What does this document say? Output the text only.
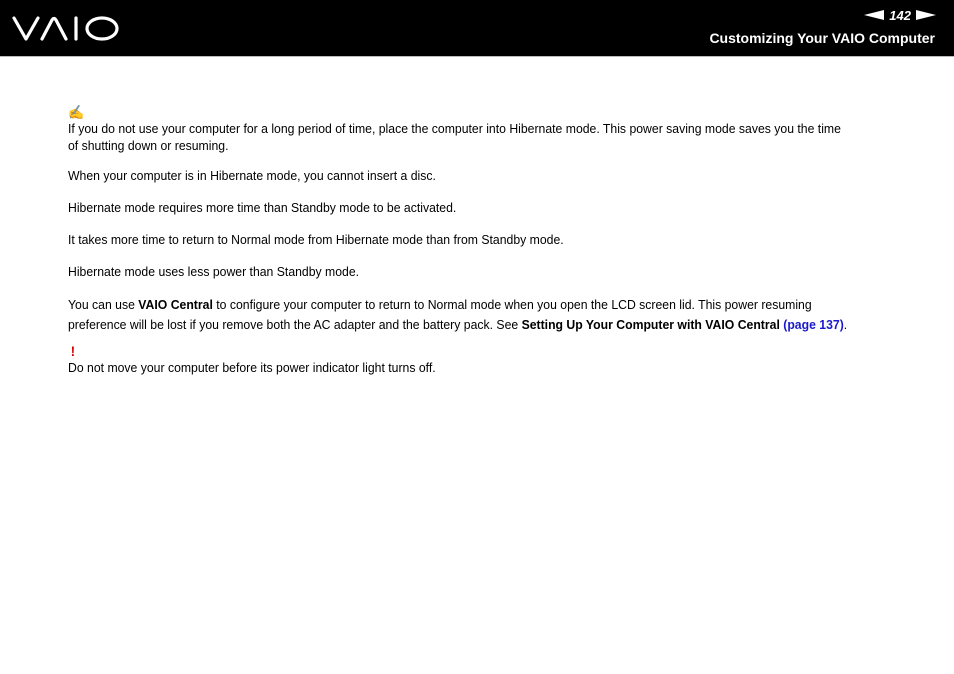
142
Customizing Your VAIO Computer
✍

If you do not use your computer for a long period of time, place the computer into Hibernate mode. This power saving mode saves you the time of shutting down or resuming.

When your computer is in Hibernate mode, you cannot insert a disc.

Hibernate mode requires more time than Standby mode to be activated.

It takes more time to return to Normal mode from Hibernate mode than from Standby mode.

Hibernate mode uses less power than Standby mode.

You can use VAIO Central to configure your computer to return to Normal mode when you open the LCD screen lid. This power resuming preference will be lost if you remove both the AC adapter and the battery pack. See Setting Up Your Computer with VAIO Central (page 137).

!

Do not move your computer before its power indicator light turns off.
